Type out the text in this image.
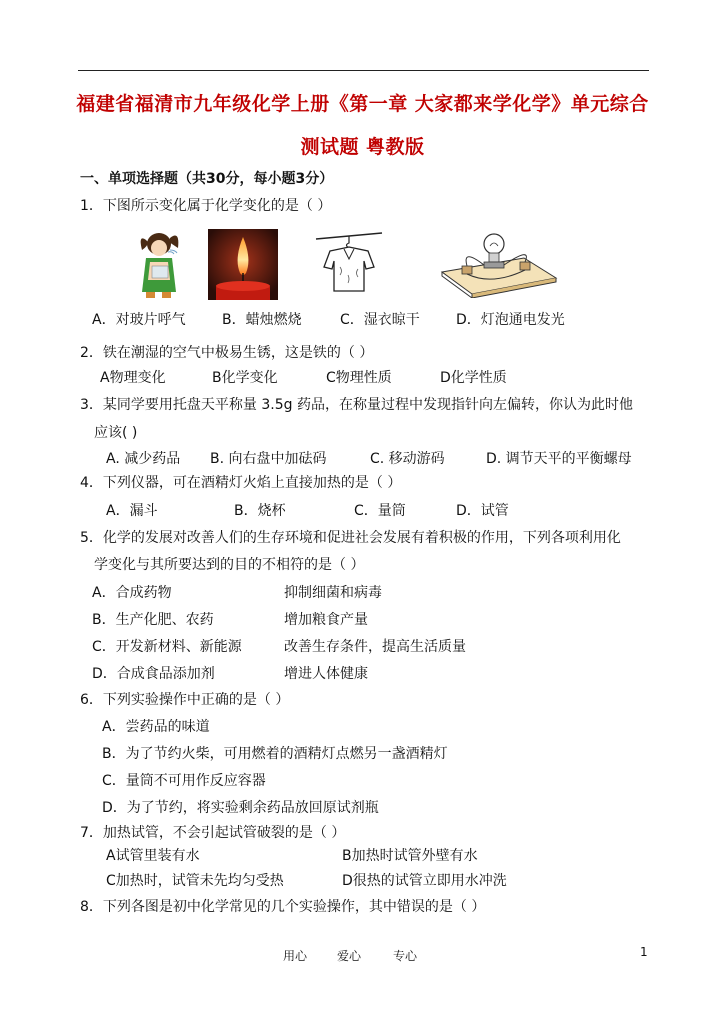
福建省福清市九年级化学上册《第一章 大家都来学化学》单元综合
测试题 粤教版
一、单项选择题（共30分，每小题3分）
1．下图所示变化属于化学变化的是（ ）
A．对玻片呼气	B．蜡烛燃烧	C．湿衣晾干	D．灯泡通电发光
2．铁在潮湿的空气中极易生锈，这是铁的（ ）
A物理变化	B化学变化	C物理性质	D化学性质
3．某同学要用托盘天平称量 3.5g 药品，在称量过程中发现指针向左偏转，你认为此时他
应该( )
A. 减少药品 B. 向右盘中加砝码	C. 移动游码	D. 调节天平的平衡螺母
4．下列仪器，可在酒精灯火焰上直接加热的是（ ）
A．漏斗	B．烧杯	C．量筒	D．试管
5．化学的发展对改善人们的生存环境和促进社会发展有着积极的作用，下列各项利用化
学变化与其所要达到的目的不相符的是（ ）
A．合成药物	抑制细菌和病毒
B．生产化肥、农药	增加粮食产量
C．开发新材料、新能源	改善生存条件，提高生活质量
D．合成食品添加剂	增进人体健康
6．下列实验操作中正确的是（ ）
A．尝药品的味道
B．为了节约火柴，可用燃着的酒精灯点燃另一盏酒精灯
C．量筒不可用作反应容器
D．为了节约，将实验剩余药品放回原试剂瓶
7．加热试管，不会引起试管破裂的是（ ）
A试管里装有水	B加热时试管外壁有水
C加热时，试管未先均匀受热	D很热的试管立即用水冲洗
8．下列各图是初中化学常见的几个实验操作，其中错误的是（ ）
用心 爱心	专心	1
